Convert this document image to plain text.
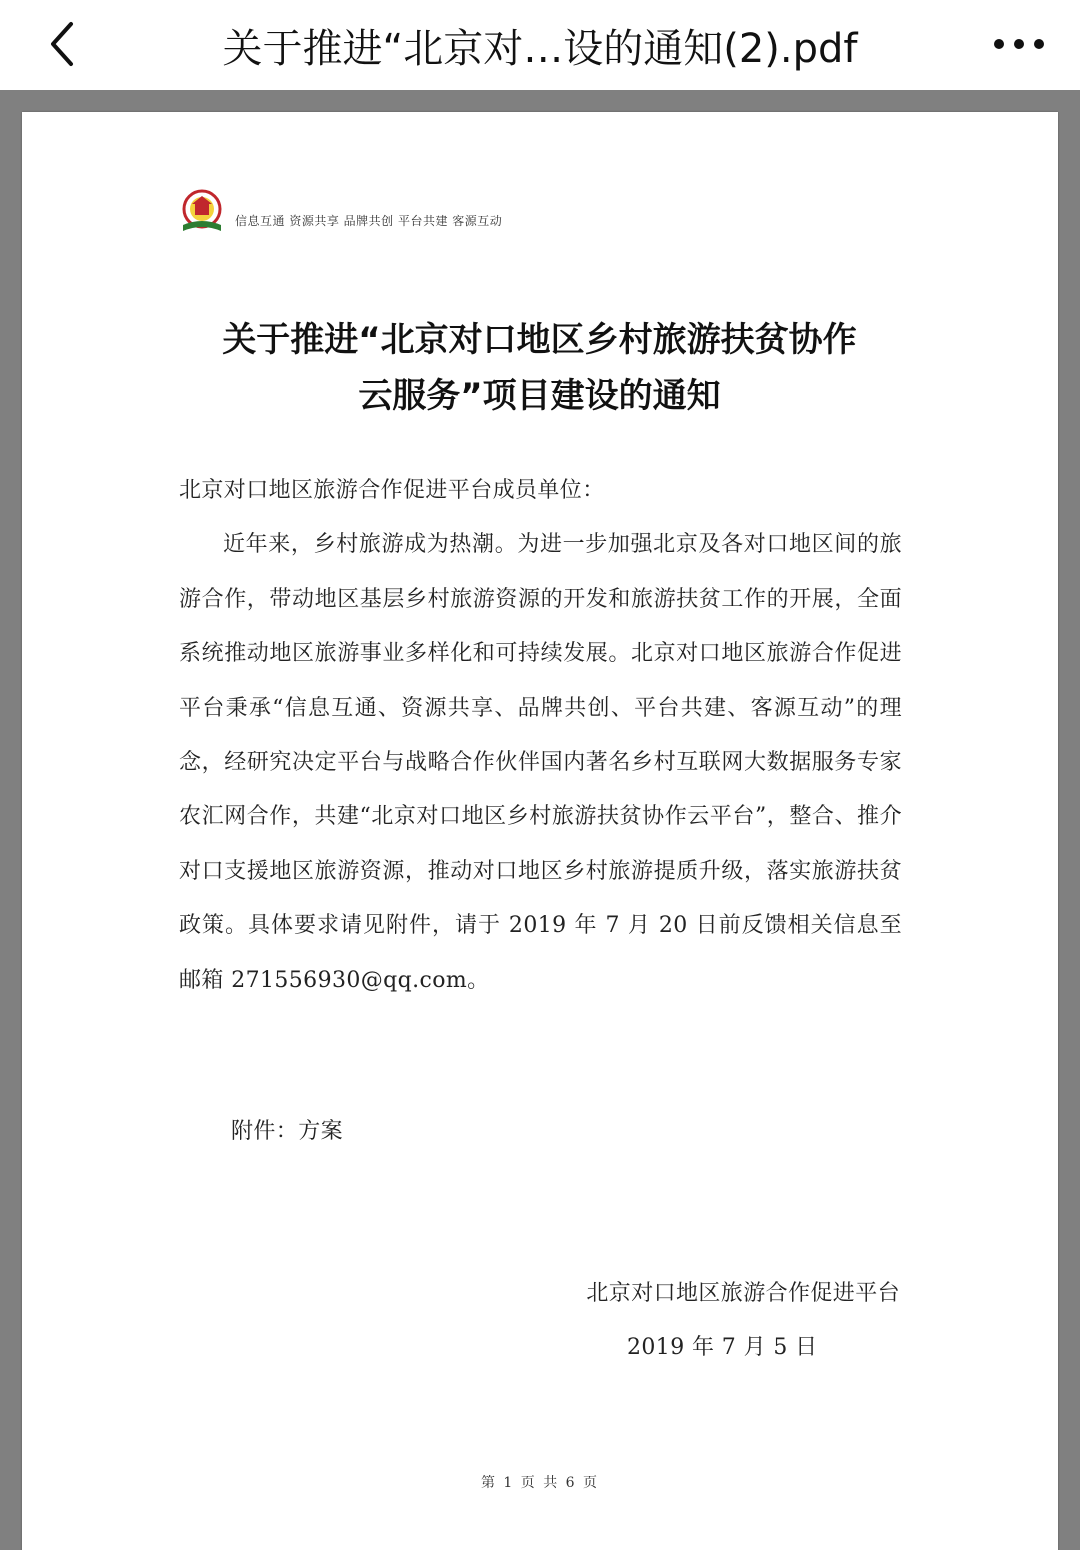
关于推进“北京对…设的通知(2).pdf
信息互通 资源共享 品牌共创 平台共建 客源互动
关于推进“北京对口地区乡村旅游扶贫协作
云服务”项目建设的通知

北京对口地区旅游合作促进平台成员单位：

近年来，乡村旅游成为热潮。为进一步加强北京及各对口地区间的旅游合作，带动地区基层乡村旅游资源的开发和旅游扶贫工作的开展，全面系统推动地区旅游事业多样化和可持续发展。北京对口地区旅游合作促进平台秉承“信息互通、资源共享、品牌共创、平台共建、客源互动”的理念，经研究决定平台与战略合作伙伴国内著名乡村互联网大数据服务专家农汇网合作，共建“北京对口地区乡村旅游扶贫协作云平台”，整合、推介对口支援地区旅游资源，推动对口地区乡村旅游提质升级，落实旅游扶贫政策。具体要求请见附件，请于 2019 年 7 月 20 日前反馈相关信息至邮箱 271556930@qq.com。

附件：方案
北京对口地区旅游合作促进平台
2019 年 7 月 5 日
第 1 页 共 6 页
